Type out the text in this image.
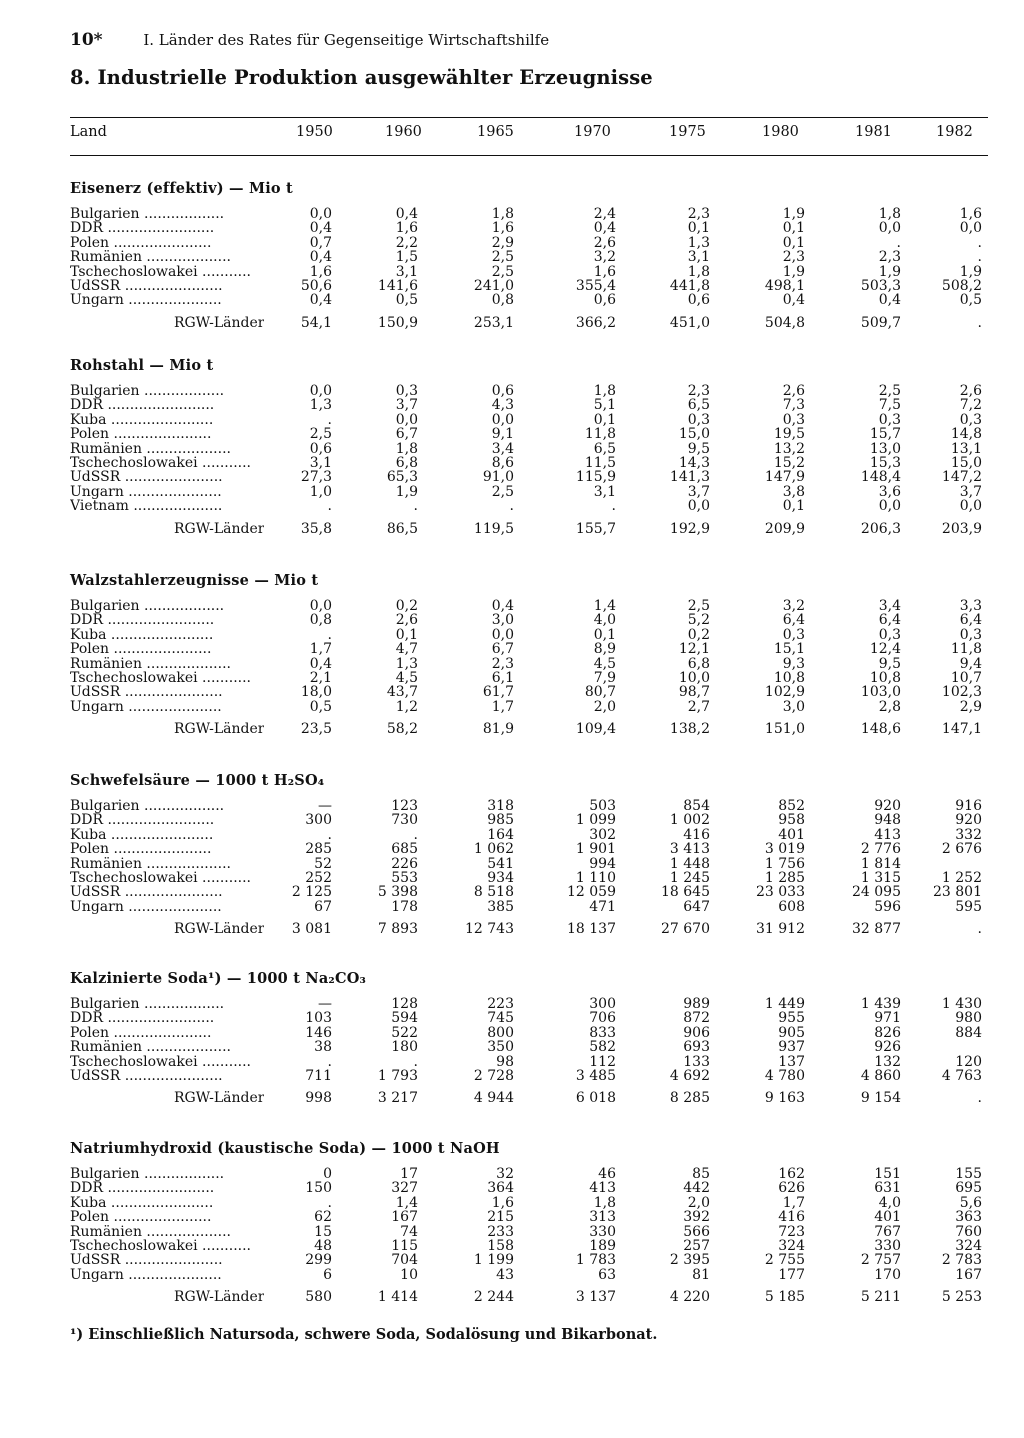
10*	I. Länder des Rates für Gegenseitige Wirtschaftshilfe
8. Industrielle Produktion ausgewählter Erzeugnisse
Land	1950	1960	1965	1970	1975	1980	1981	1982
Eisenerz (effektiv) — Mio t
Bulgarien ..................	0,0	0,4	1,8	2,4	2,3	1,9	1,8	1,6
DDR ........................	0,4	1,6	1,6	0,4	0,1	0,1	0,0	0,0
Polen ......................	0,7	2,2	2,9	2,6	1,3	0,1	.	.
Rumänien ...................	0,4	1,5	2,5	3,2	3,1	2,3	2,3	.
Tschechoslowakei ...........	1,6	3,1	2,5	1,6	1,8	1,9	1,9	1,9
UdSSR ......................	50,6	141,6	241,0	355,4	441,8	498,1	503,3	508,2
Ungarn .....................	0,4	0,5	0,8	0,6	0,6	0,4	0,4	0,5
RGW-Länder	54,1	150,9	253,1	366,2	451,0	504,8	509,7	.
Rohstahl — Mio t
Bulgarien ..................	0,0	0,3	0,6	1,8	2,3	2,6	2,5	2,6
DDR ........................	1,3	3,7	4,3	5,1	6,5	7,3	7,5	7,2
Kuba .......................	.	0,0	0,0	0,1	0,3	0,3	0,3	0,3
Polen ......................	2,5	6,7	9,1	11,8	15,0	19,5	15,7	14,8
Rumänien ...................	0,6	1,8	3,4	6,5	9,5	13,2	13,0	13,1
Tschechoslowakei ...........	3,1	6,8	8,6	11,5	14,3	15,2	15,3	15,0
UdSSR ......................	27,3	65,3	91,0	115,9	141,3	147,9	148,4	147,2
Ungarn .....................	1,0	1,9	2,5	3,1	3,7	3,8	3,6	3,7
Vietnam ....................	.	.	.	.	0,0	0,1	0,0	0,0
RGW-Länder	35,8	86,5	119,5	155,7	192,9	209,9	206,3	203,9
Walzstahlerzeugnisse — Mio t
Bulgarien ..................	0,0	0,2	0,4	1,4	2,5	3,2	3,4	3,3
DDR ........................	0,8	2,6	3,0	4,0	5,2	6,4	6,4	6,4
Kuba .......................	.	0,1	0,0	0,1	0,2	0,3	0,3	0,3
Polen ......................	1,7	4,7	6,7	8,9	12,1	15,1	12,4	11,8
Rumänien ...................	0,4	1,3	2,3	4,5	6,8	9,3	9,5	9,4
Tschechoslowakei ...........	2,1	4,5	6,1	7,9	10,0	10,8	10,8	10,7
UdSSR ......................	18,0	43,7	61,7	80,7	98,7	102,9	103,0	102,3
Ungarn .....................	0,5	1,2	1,7	2,0	2,7	3,0	2,8	2,9
RGW-Länder	23,5	58,2	81,9	109,4	138,2	151,0	148,6	147,1
Schwefelsäure — 1000 t H₂SO₄
Bulgarien ..................	—	123	318	503	854	852	920	916
DDR ........................	300	730	985	1 099	1 002	958	948	920
Kuba .......................	.	.	164	302	416	401	413	332
Polen ......................	285	685	1 062	1 901	3 413	3 019	2 776	2 676
Rumänien ...................	52	226	541	994	1 448	1 756	1 814
Tschechoslowakei ...........	252	553	934	1 110	1 245	1 285	1 315	1 252
UdSSR ......................	2 125	5 398	8 518	12 059	18 645	23 033	24 095	23 801
Ungarn .....................	67	178	385	471	647	608	596	595
RGW-Länder	3 081	7 893	12 743	18 137	27 670	31 912	32 877	.
Kalzinierte Soda¹) — 1000 t Na₂CO₃
Bulgarien ..................	—	128	223	300	989	1 449	1 439	1 430
DDR ........................	103	594	745	706	872	955	971	980
Polen ......................	146	522	800	833	906	905	826	884
Rumänien ...................	38	180	350	582	693	937	926
Tschechoslowakei ...........	.	.	98	112	133	137	132	120
UdSSR ......................	711	1 793	2 728	3 485	4 692	4 780	4 860	4 763
RGW-Länder	998	3 217	4 944	6 018	8 285	9 163	9 154	.
Natriumhydroxid (kaustische Soda) — 1000 t NaOH
Bulgarien ..................	0	17	32	46	85	162	151	155
DDR ........................	150	327	364	413	442	626	631	695
Kuba .......................	.	1,4	1,6	1,8	2,0	1,7	4,0	5,6
Polen ......................	62	167	215	313	392	416	401	363
Rumänien ...................	15	74	233	330	566	723	767	760
Tschechoslowakei ...........	48	115	158	189	257	324	330	324
UdSSR ......................	299	704	1 199	1 783	2 395	2 755	2 757	2 783
Ungarn .....................	6	10	43	63	81	177	170	167
RGW-Länder	580	1 414	2 244	3 137	4 220	5 185	5 211	5 253
¹) Einschließlich Natursoda, schwere Soda, Sodalösung und Bikarbonat.
